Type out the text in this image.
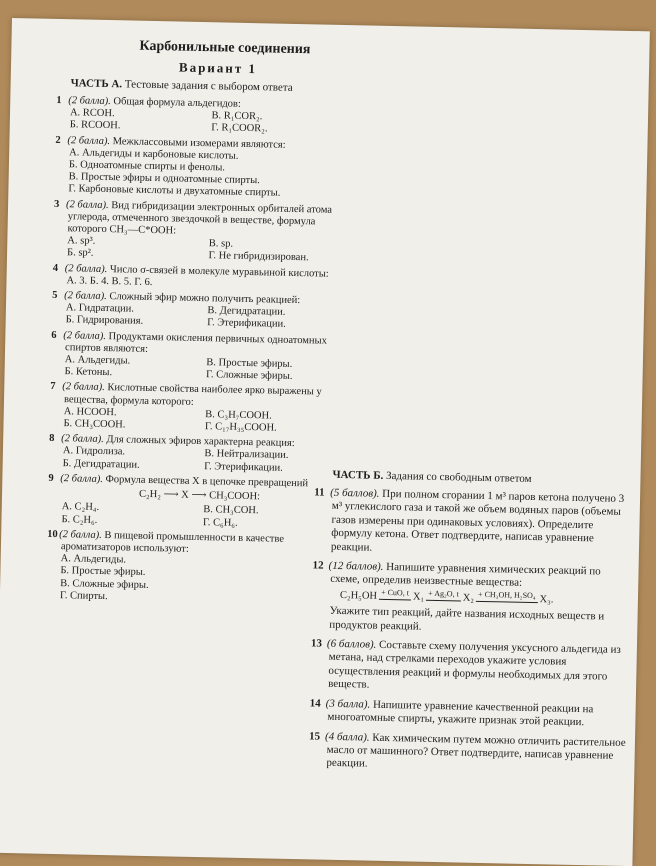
Карбонильные соединения
Вариант 1
ЧАСТЬ А. Тестовые задания с выбором ответа
1 (2 балла). Общая формула альдегидов:
А. RCOH.	В. R₁COR₂.
Б. RCOOH.	Г. R₁COOR₂.
2 (2 балла). Межклассовыми изомерами являются:
А. Альдегиды и карбоновые кислоты.
Б. Одноатомные спирты и фенолы.
В. Простые эфиры и одноатомные спирты.
Г. Карбоновые кислоты и двухатомные спирты.
3 (2 балла). Вид гибридизации электронных орбиталей атома углерода, отмеченного звездочкой в веществе, формула которого CH₃—C*OOH:
А. sp³.	В. sp.
Б. sp².	Г. Не гибридизирован.
4 (2 балла). Число σ-связей в молекуле муравьиной кислоты:
А. 3. Б. 4. В. 5. Г. 6.
5 (2 балла). Сложный эфир можно получить реакцией:
А. Гидратации.	В. Дегидратации.
Б. Гидрирования.	Г. Этерификации.
6 (2 балла). Продуктами окисления первичных одноатомных спиртов являются:
А. Альдегиды.	В. Простые эфиры.
Б. Кетоны.	Г. Сложные эфиры.
7 (2 балла). Кислотные свойства наиболее ярко выражены у вещества, формула которого:
А. HCOOH.	В. C₃H₇COOH.
Б. CH₃COOH.	Г. C₁₇H₃₅COOH.
8 (2 балла). Для сложных эфиров характерна реакция:
А. Гидролиза.	В. Нейтрализации.
Б. Дегидратации.	Г. Этерификации.
9 (2 балла). Формула вещества X в цепочке превращений
C₂H₂ ⟶ X ⟶ CH₃COOH:
А. C₂H₄.	В. CH₃COH.
Б. C₂H₆.	Г. C₆H₆.
10(2 балла). В пищевой промышленности в качестве ароматизаторов используют:
А. Альдегиды.
Б. Простые эфиры.
В. Сложные эфиры.
Г. Спирты.
ЧАСТЬ Б. Задания со свободным ответом
11 (5 баллов). При полном сгорании 1 м³ паров кетона получено 3 м³ углекислого газа и такой же объем водяных паров (объемы газов измерены при одинаковых условиях). Определите формулу кетона. Ответ подтвердите, написав уравнение реакции.
12 (12 баллов). Напишите уравнения химических реакций по схеме, определив неизвестные вещества:
C₂H₅OH + CuO, t X₁ + Ag₂O, t X₂ + CH₃OH, H₂SO₄ X₃.
Укажите тип реакций, дайте названия исходных веществ и продуктов реакций.
13 (6 баллов). Составьте схему получения уксусного альдегида из метана, над стрелками переходов укажите условия осуществления реакций и формулы необходимых для этого веществ.
14 (3 балла). Напишите уравнение качественной реакции на многоатомные спирты, укажите признак этой реакции.
15 (4 балла). Как химическим путем можно отличить растительное масло от машинного? Ответ подтвердите, написав уравнение реакции.
